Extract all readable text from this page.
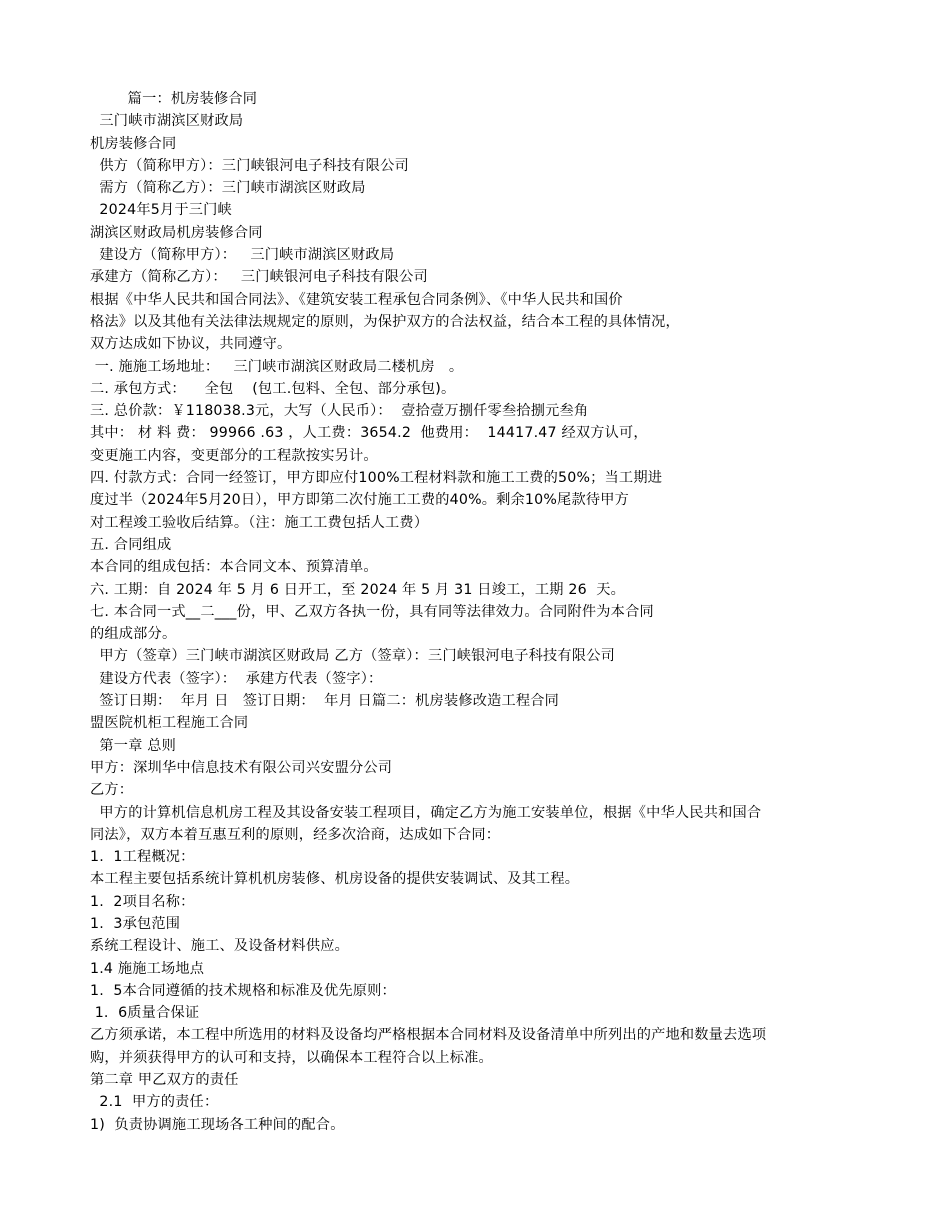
篇一：机房装修合同
三门峡市湖滨区财政局
机房装修合同
供方（简称甲方）：三门峡银河电子科技有限公司
需方（简称乙方）：三门峡市湖滨区财政局
2024年5月于三门峡
湖滨区财政局机房装修合同
建设方（简称甲方）：   三门峡市湖滨区财政局
承建方（简称乙方）：   三门峡银河电子科技有限公司
根据《中华人民共和国合同法》、《建筑安装工程承包合同条例》、《中华人民共和国价
格法》以及其他有关法律法规规定的原则，为保护双方的合法权益，结合本工程的具体情况，
双方达成如下协议，共同遵守。
一. 施施工场地址：   三门峡市湖滨区财政局二楼机房   。
二. 承包方式：    全包    (包工.包料、全包、部分承包)。
三. 总价款：￥118038.3元，大写（人民币）：  壹拾壹万捌仟零叁拾捌元叁角
其中： 材 料 费： 99966 .63 ，人工费：3654.2  他费用：  14417.47 经双方认可，
变更施工内容，变更部分的工程款按实另计。
四. 付款方式：合同一经签订，甲方即应付100%工程材料款和施工工费的50%；当工期进
度过半（2024年5月20日），甲方即第二次付施工工费的40%。剩余10%尾款待甲方
对工程竣工验收后结算。（注：施工工费包括人工费）
五. 合同组成
本合同的组成包括：本合同文本、预算清单。
六. 工期：自 2024 年 5 月 6 日开工，至 2024 年 5 月 31 日竣工，工期 26  天。
七. 本合同一式__二___份，甲、乙双方各执一份，具有同等法律效力。合同附件为本合同
的组成部分。
甲方（签章）三门峡市湖滨区财政局 乙方（签章）：三门峡银河电子科技有限公司
建设方代表（签字）：  承建方代表（签字）：
签订日期：  年月 日   签订日期：  年月 日篇二：机房装修改造工程合同
盟医院机柜工程施工合同
第一章 总则
甲方：深圳华中信息技术有限公司兴安盟分公司
乙方：
甲方的计算机信息机房工程及其设备安装工程项目，确定乙方为施工安装单位，根据《中华人民共和国合
同法》，双方本着互惠互利的原则，经多次洽商，达成如下合同：
1.  1工程概况：
本工程主要包括系统计算机机房装修、机房设备的提供安装调试、及其工程。
1.  2项目名称：
1.  3承包范围
系统工程设计、施工、及设备材料供应。
1.4 施施工场地点
1.  5本合同遵循的技术规格和标准及优先原则：
1.  6质量合保证
乙方须承诺，本工程中所选用的材料及设备均严格根据本合同材料及设备清单中所列出的产地和数量去选项
购，并须获得甲方的认可和支持，以确保本工程符合以上标准。
第二章 甲乙双方的责任
2.1  甲方的责任：
1)  负责协调施工现场各工种间的配合。
